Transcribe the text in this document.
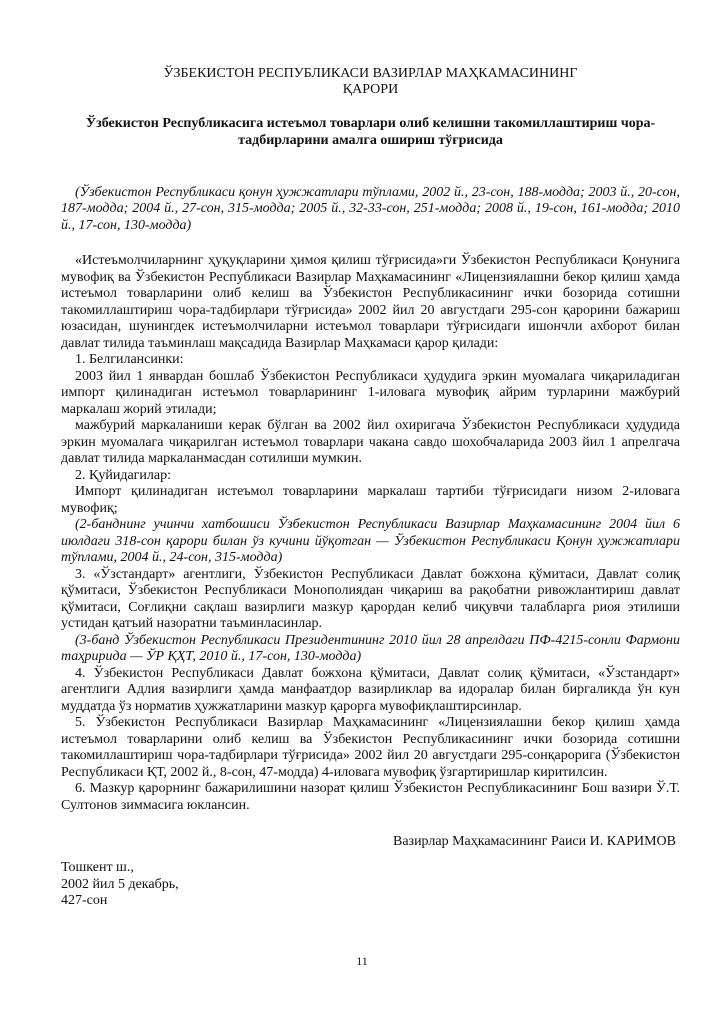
ЎЗБЕКИСТОН РЕСПУБЛИКАСИ ВАЗИРЛАР МАҲКАМАСИНИНГ

ҚАРОРИ

Ўзбекистон Республикасига истеъмол товарлари олиб келишни такомиллаштириш чора-
тадбирларини амалга ошириш тўғрисида

(Ўзбекистон Республикаси қонун ҳужжатлари тўплами, 2002 й., 23-сон, 188-модда; 2003 й., 20-сон, 187-модда; 2004 й., 27-сон, 315-модда; 2005 й., 32-33-сон, 251-модда; 2008 й., 19-сон, 161-модда; 2010 й., 17-сон, 130-модда)

«Истеъмолчиларнинг ҳуқуқларини ҳимоя қилиш тўғрисида»ги Ўзбекистон Республикаси Қонунига мувофиқ ва Ўзбекистон Республикаси Вазирлар Маҳкамасининг «Лицензиялашни бекор қилиш ҳамда истеъмол товарларини олиб келиш ва Ўзбекистон Республикасининг ички бозорида сотишни такомиллаштириш чора-тадбирлари тўғрисида» 2002 йил 20 августдаги 295-сон қарорини бажариш юзасидан, шунингдек истеъмолчиларни истеъмол товарлари тўғрисидаги ишончли ахборот билан давлат тилида таъминлаш мақсадида Вазирлар Маҳкамаси қарор қилади:

1. Белгилансинки:

2003 йил 1 январдан бошлаб Ўзбекистон Республикаси ҳудудига эркин муомалага чиқариладиган импорт қилинадиган истеъмол товарларининг 1-иловага мувофиқ айрим турларини мажбурий маркалаш жорий этилади;

мажбурий маркаланиши керак бўлган ва 2002 йил охиригача Ўзбекистон Республикаси ҳудудида эркин муомалага чиқарилган истеъмол товарлари чакана савдо шохобчаларида 2003 йил 1 апрелгача давлат тилида маркаланмасдан сотилиши мумкин.

2. Қуйидагилар:

Импорт қилинадиган истеъмол товарларини маркалаш тартиби тўғрисидаги низом 2-иловага мувофиқ;

(2-банднинг учинчи хатбошиси Ўзбекистон Республикаси Вазирлар Маҳкамасининг 2004 йил 6 июлдаги 318-сон қарори билан ўз кучини йўқотган — Ўзбекистон Республикаси Қонун ҳужжатлари тўплами, 2004 й., 24-сон, 315-модда)

3. «Ўзстандарт» агентлиги, Ўзбекистон Республикаси Давлат божхона қўмитаси, Давлат солиқ қўмитаси, Ўзбекистон Республикаси Монополиядан чиқариш ва рақобатни ривожлантириш давлат қўмитаси, Соғлиқни сақлаш вазирлиги мазкур қарордан келиб чиқувчи талабларга риоя этилиши устидан қатъий назоратни таъминласинлар.

(3-банд Ўзбекистон Республикаси Президентининг 2010 йил 28 апрелдаги ПФ-4215-сонли Фармони таҳририда — ЎР ҚҲТ, 2010 й., 17-сон, 130-модда)

4. Ўзбекистон Республикаси Давлат божхона қўмитаси, Давлат солиқ қўмитаси, «Ўзстандарт» агентлиги Адлия вазирлиги ҳамда манфаатдор вазирликлар ва идоралар билан биргаликда ўн кун муддатда ўз норматив ҳужжатларини мазкур қарорга мувофиқлаштирсинлар.

5. Ўзбекистон Республикаси Вазирлар Маҳкамасининг «Лицензиялашни бекор қилиш ҳамда истеъмол товарларини олиб келиш ва Ўзбекистон Республикасининг ички бозорида сотишни такомиллаштириш чора-тадбирлари тўғрисида» 2002 йил 20 августдаги 295-сонқарорига (Ўзбекистон Республикаси ҚТ, 2002 й., 8-сон, 47-модда) 4-иловага мувофиқ ўзгартиришлар киритилсин.

6. Мазкур қарорнинг бажарилишини назорат қилиш Ўзбекистон Республикасининг Бош вазири Ў.Т. Султонов зиммасига юклансин.

Вазирлар Маҳкамасининг Раиси И. КАРИМОВ

Тошкент ш.,
2002 йил 5 декабрь,
427-сон
11
